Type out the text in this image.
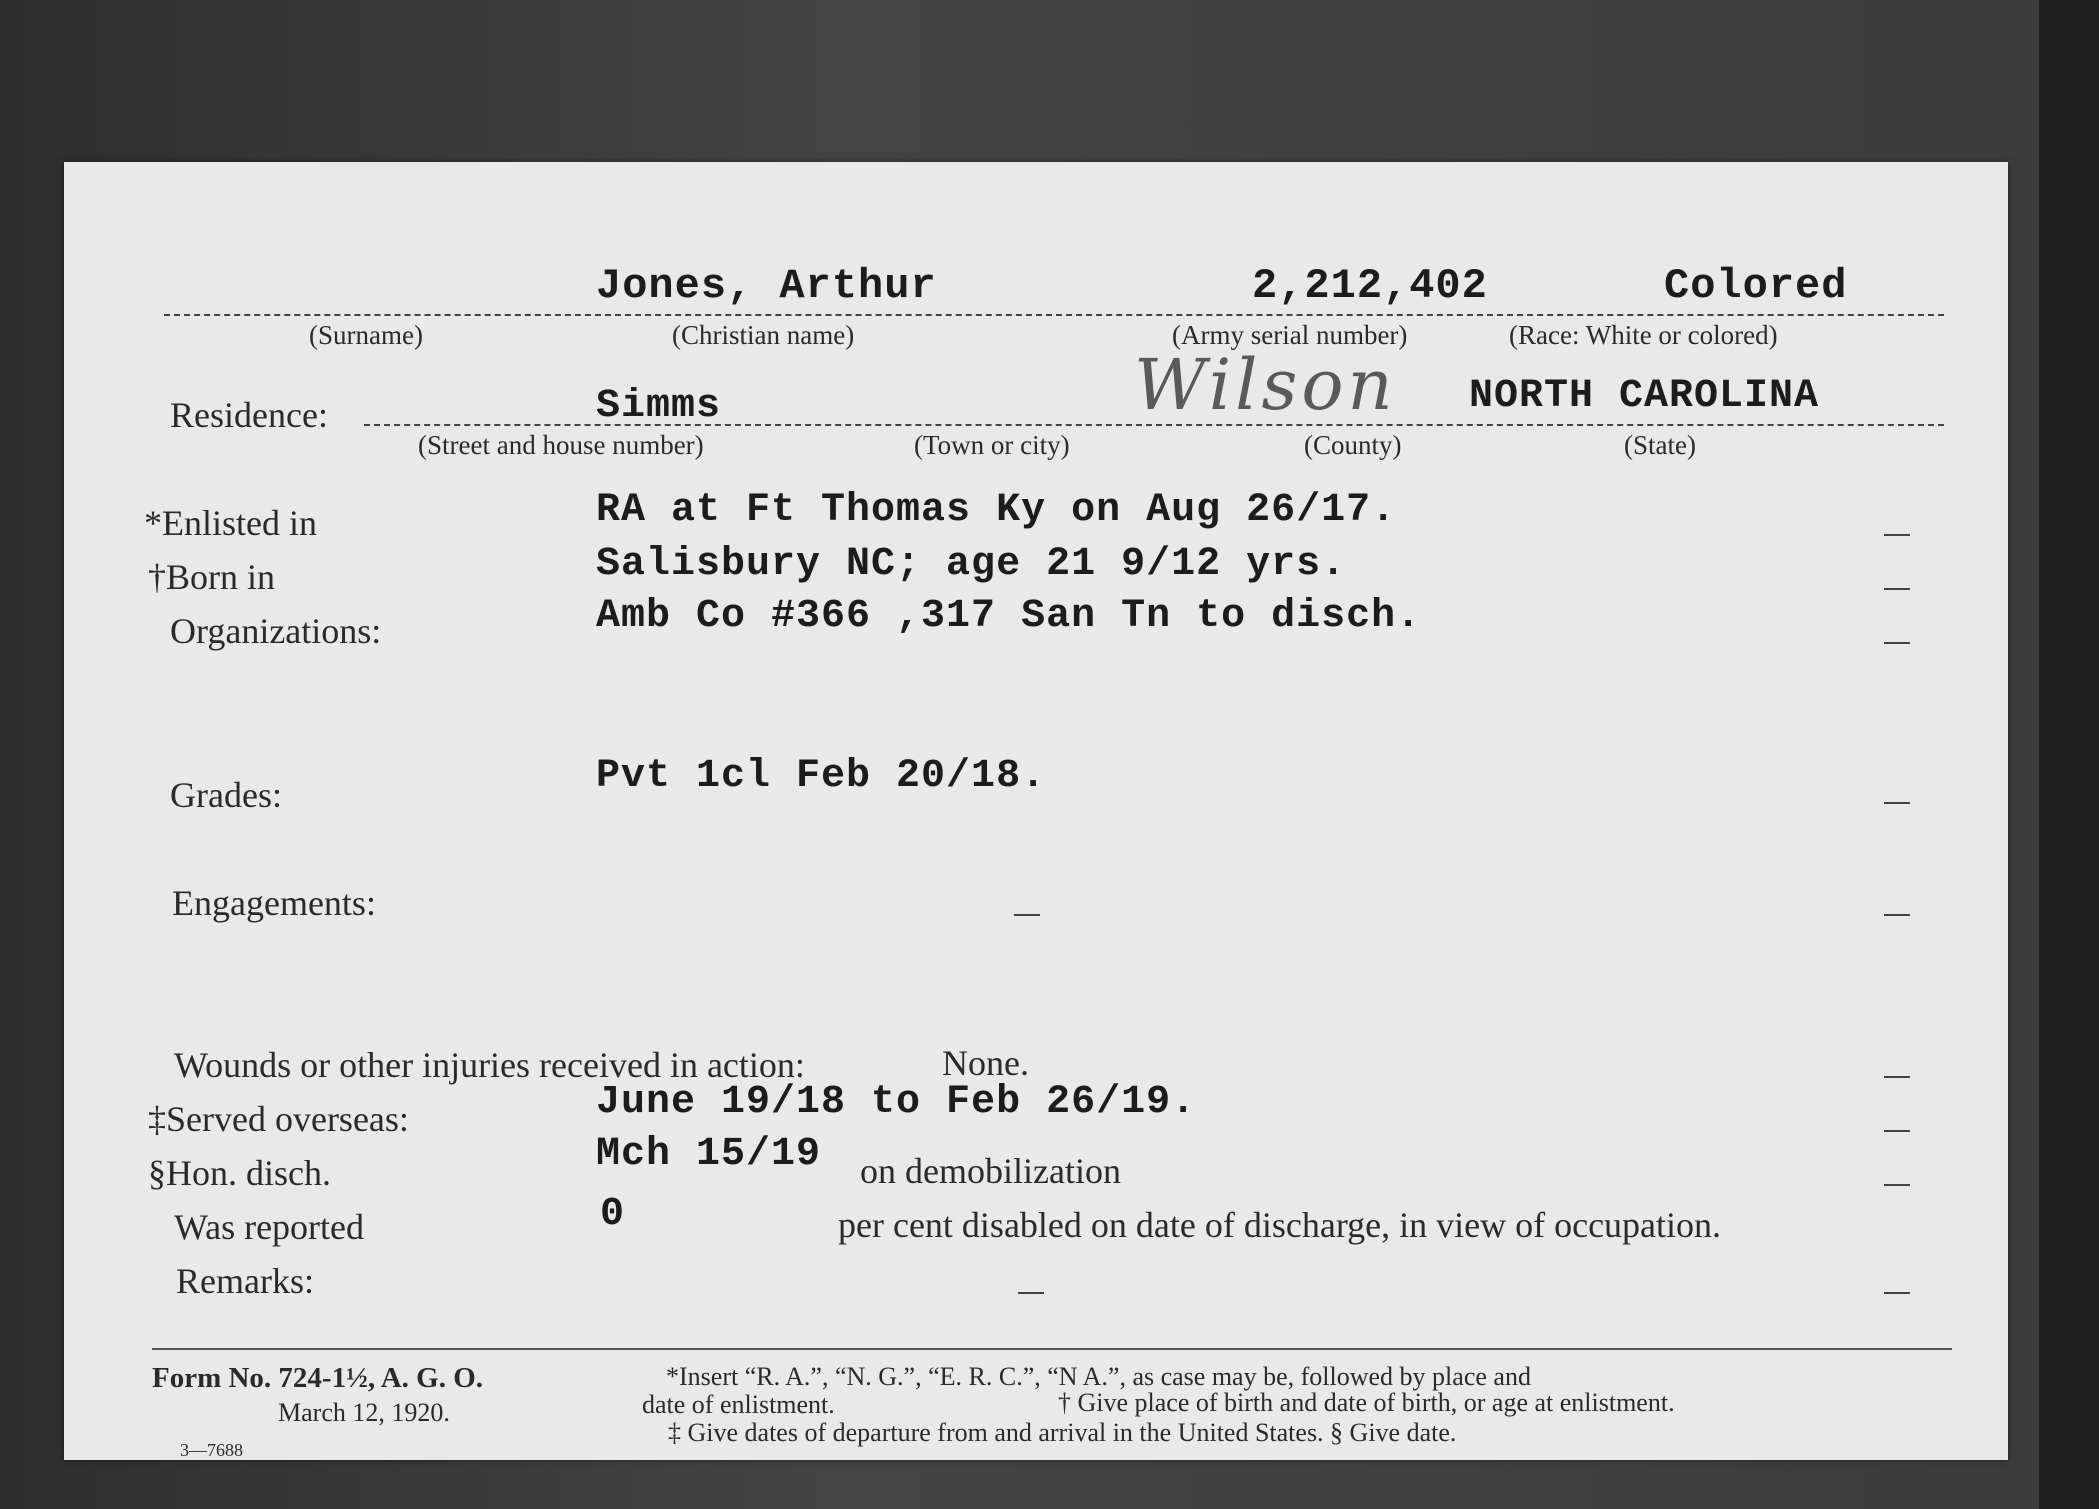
Jones, Arthur	2,212,402	Colored
(Surname)	(Christian name)	(Army serial number)	(Race: White or colored)
Residence:	Simms	Wilson NORTH CAROLINA
(Street and house number)	(Town or city)	(County)	(State)
*Enlisted in	RA at Ft Thomas Ky on Aug 26/17.
†Born in	Salisbury NC; age 21 9/12 yrs.
Organizations:	Amb Co #366 ,317 San Tn to disch.
Grades:	Pvt 1cl Feb 20/18.
Engagements:
Wounds or other injuries received in action:	None.
‡Served overseas:	June 19/18 to Feb 26/19.
§Hon. disch.	Mch 15/19 on demobilization
Was reported	0	per cent disabled on date of discharge, in view of occupation.
Remarks:
Form No. 724-1½, A. G. O.
March 12, 1920.
3—7688
*Insert “R. A.”, “N. G.”, “E. R. C.”, “N A.”, as case may be, followed by place and
date of enlistment.	† Give place of birth and date of birth, or age at enlistment.
‡ Give dates of departure from and arrival in the United States. § Give date.
